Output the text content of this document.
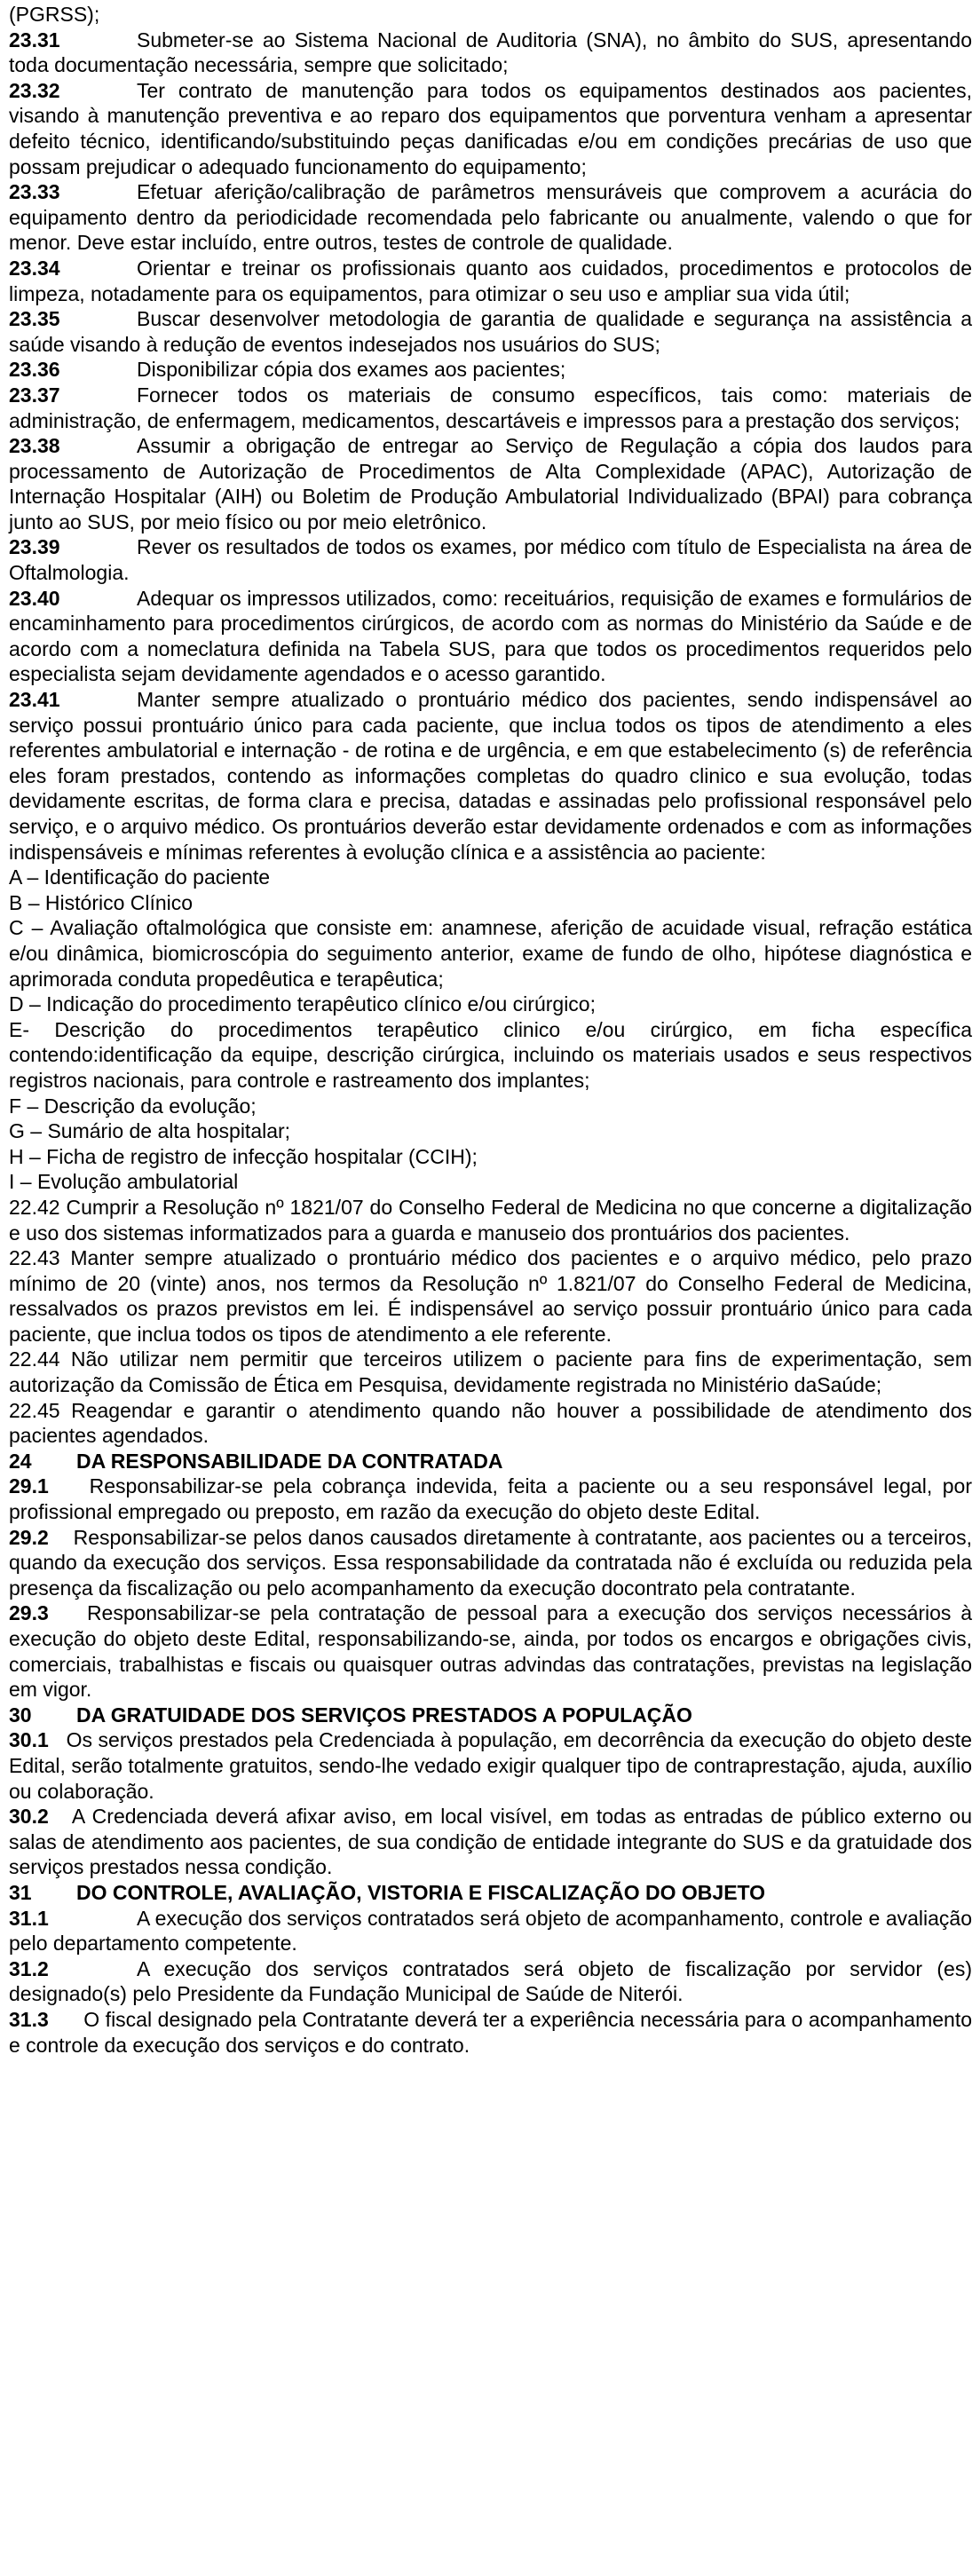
(PGRSS);

23.31	Submeter-se ao Sistema Nacional de Auditoria (SNA), no âmbito do SUS, apresentando toda documentação necessária, sempre que solicitado;

23.32	Ter contrato de manutenção para todos os equipamentos destinados aos pacientes, visando à manutenção preventiva e ao reparo dos equipamentos que porventura venham a apresentar defeito técnico, identificando/substituindo peças danificadas e/ou em condições precárias de uso que possam prejudicar o adequado funcionamento do equipamento;

23.33	Efetuar aferição/calibração de parâmetros mensuráveis que comprovem a acurácia do equipamento dentro da periodicidade recomendada pelo fabricante ou anualmente, valendo o que for menor. Deve estar incluído, entre outros, testes de controle de qualidade.

23.34	Orientar e treinar os profissionais quanto aos cuidados, procedimentos e protocolos de limpeza, notadamente para os equipamentos, para otimizar o seu uso e ampliar sua vida útil;

23.35	Buscar desenvolver metodologia de garantia de qualidade e segurança na assistência a saúde visando à redução de eventos indesejados nos usuários do SUS;

23.36	Disponibilizar cópia dos exames aos pacientes;

23.37	Fornecer todos os materiais de consumo específicos, tais como: materiais de administração, de enfermagem, medicamentos, descartáveis e impressos para a prestação dos serviços;

23.38	Assumir a obrigação de entregar ao Serviço de Regulação a cópia dos laudos para processamento de Autorização de Procedimentos de Alta Complexidade (APAC), Autorização de Internação Hospitalar (AIH) ou Boletim de Produção Ambulatorial Individualizado (BPAI) para cobrança junto ao SUS, por meio físico ou por meio eletrônico.

23.39	Rever os resultados de todos os exames, por médico com título de Especialista na área de Oftalmologia.

23.40	Adequar os impressos utilizados, como: receituários, requisição de exames e formulários de encaminhamento para procedimentos cirúrgicos, de acordo com as normas do Ministério da Saúde e de acordo com a nomeclatura definida na Tabela SUS, para que todos os procedimentos requeridos pelo especialista sejam devidamente agendados e o acesso garantido.

23.41	Manter sempre atualizado o prontuário médico dos pacientes, sendo indispensável ao serviço possui prontuário único para cada paciente, que inclua todos os tipos de atendimento a eles referentes ambulatorial e internação - de rotina e de urgência, e em que estabelecimento (s) de referência eles foram prestados, contendo as informações completas do quadro clinico e sua evolução, todas devidamente escritas, de forma clara e precisa, datadas e assinadas pelo profissional responsável pelo serviço, e o arquivo médico. Os prontuários deverão estar devidamente ordenados e com as informações indispensáveis e mínimas referentes à evolução clínica e a assistência ao paciente:

A – Identificação do paciente

B – Histórico Clínico

C – Avaliação oftalmológica que consiste em: anamnese, aferição de acuidade visual, refração estática e/ou dinâmica, biomicroscópia do seguimento anterior, exame de fundo de olho, hipótese diagnóstica e aprimorada conduta propedêutica e terapêutica;

D – Indicação do procedimento terapêutico clínico e/ou cirúrgico;

E- Descrição do procedimentos terapêutico clinico e/ou cirúrgico, em ficha específica contendo:identificação da equipe, descrição cirúrgica, incluindo os materiais usados e seus respectivos registros nacionais, para controle e rastreamento dos implantes;

F – Descrição da evolução;

G – Sumário de alta hospitalar;

H – Ficha de registro de infecção hospitalar (CCIH);

I – Evolução ambulatorial

22.42 Cumprir a Resolução nº 1821/07 do Conselho Federal de Medicina no que concerne a digitalização e uso dos sistemas informatizados para a guarda e manuseio dos prontuários dos pacientes.

22.43 Manter sempre atualizado o prontuário médico dos pacientes e o arquivo médico, pelo prazo mínimo de 20 (vinte) anos, nos termos da Resolução nº 1.821/07 do Conselho Federal de Medicina, ressalvados os prazos previstos em lei. É indispensável ao serviço possuir prontuário único para cada paciente, que inclua todos os tipos de atendimento a ele referente.

22.44 Não utilizar nem permitir que terceiros utilizem o paciente para fins de experimentação, sem autorização da Comissão de Ética em Pesquisa, devidamente registrada no Ministério daSaúde;

22.45 Reagendar e garantir o atendimento quando não houver a possibilidade de atendimento dos pacientes agendados.

24 DA RESPONSABILIDADE DA CONTRATADA

29.1 Responsabilizar-se pela cobrança indevida, feita a paciente ou a seu responsável legal, por profissional empregado ou preposto, em razão da execução do objeto deste Edital.

29.2 Responsabilizar-se pelos danos causados diretamente à contratante, aos pacientes ou a terceiros, quando da execução dos serviços. Essa responsabilidade da contratada não é excluída ou reduzida pela presença da fiscalização ou pelo acompanhamento da execução docontrato pela contratante.

29.3 Responsabilizar-se pela contratação de pessoal para a execução dos serviços necessários à execução do objeto deste Edital, responsabilizando-se, ainda, por todos os encargos e obrigações civis, comerciais, trabalhistas e fiscais ou quaisquer outras advindas das contratações, previstas na legislação em vigor.

30 DA GRATUIDADE DOS SERVIÇOS PRESTADOS A POPULAÇÃO

30.1 Os serviços prestados pela Credenciada à população, em decorrência da execução do objeto deste Edital, serão totalmente gratuitos, sendo-lhe vedado exigir qualquer tipo de contraprestação, ajuda, auxílio ou colaboração.

30.2 A Credenciada deverá afixar aviso, em local visível, em todas as entradas de público externo ou salas de atendimento aos pacientes, de sua condição de entidade integrante do SUS e da gratuidade dos serviços prestados nessa condição.

31 DO CONTROLE, AVALIAÇÃO, VISTORIA E FISCALIZAÇÃO DO OBJETO

31.1	A execução dos serviços contratados será objeto de acompanhamento, controle e avaliação pelo departamento competente.

31.2	A execução dos serviços contratados será objeto de fiscalização por servidor (es) designado(s) pelo Presidente da Fundação Municipal de Saúde de Niterói.

31.3 O fiscal designado pela Contratante deverá ter a experiência necessária para o acompanhamento e controle da execução dos serviços e do contrato.
